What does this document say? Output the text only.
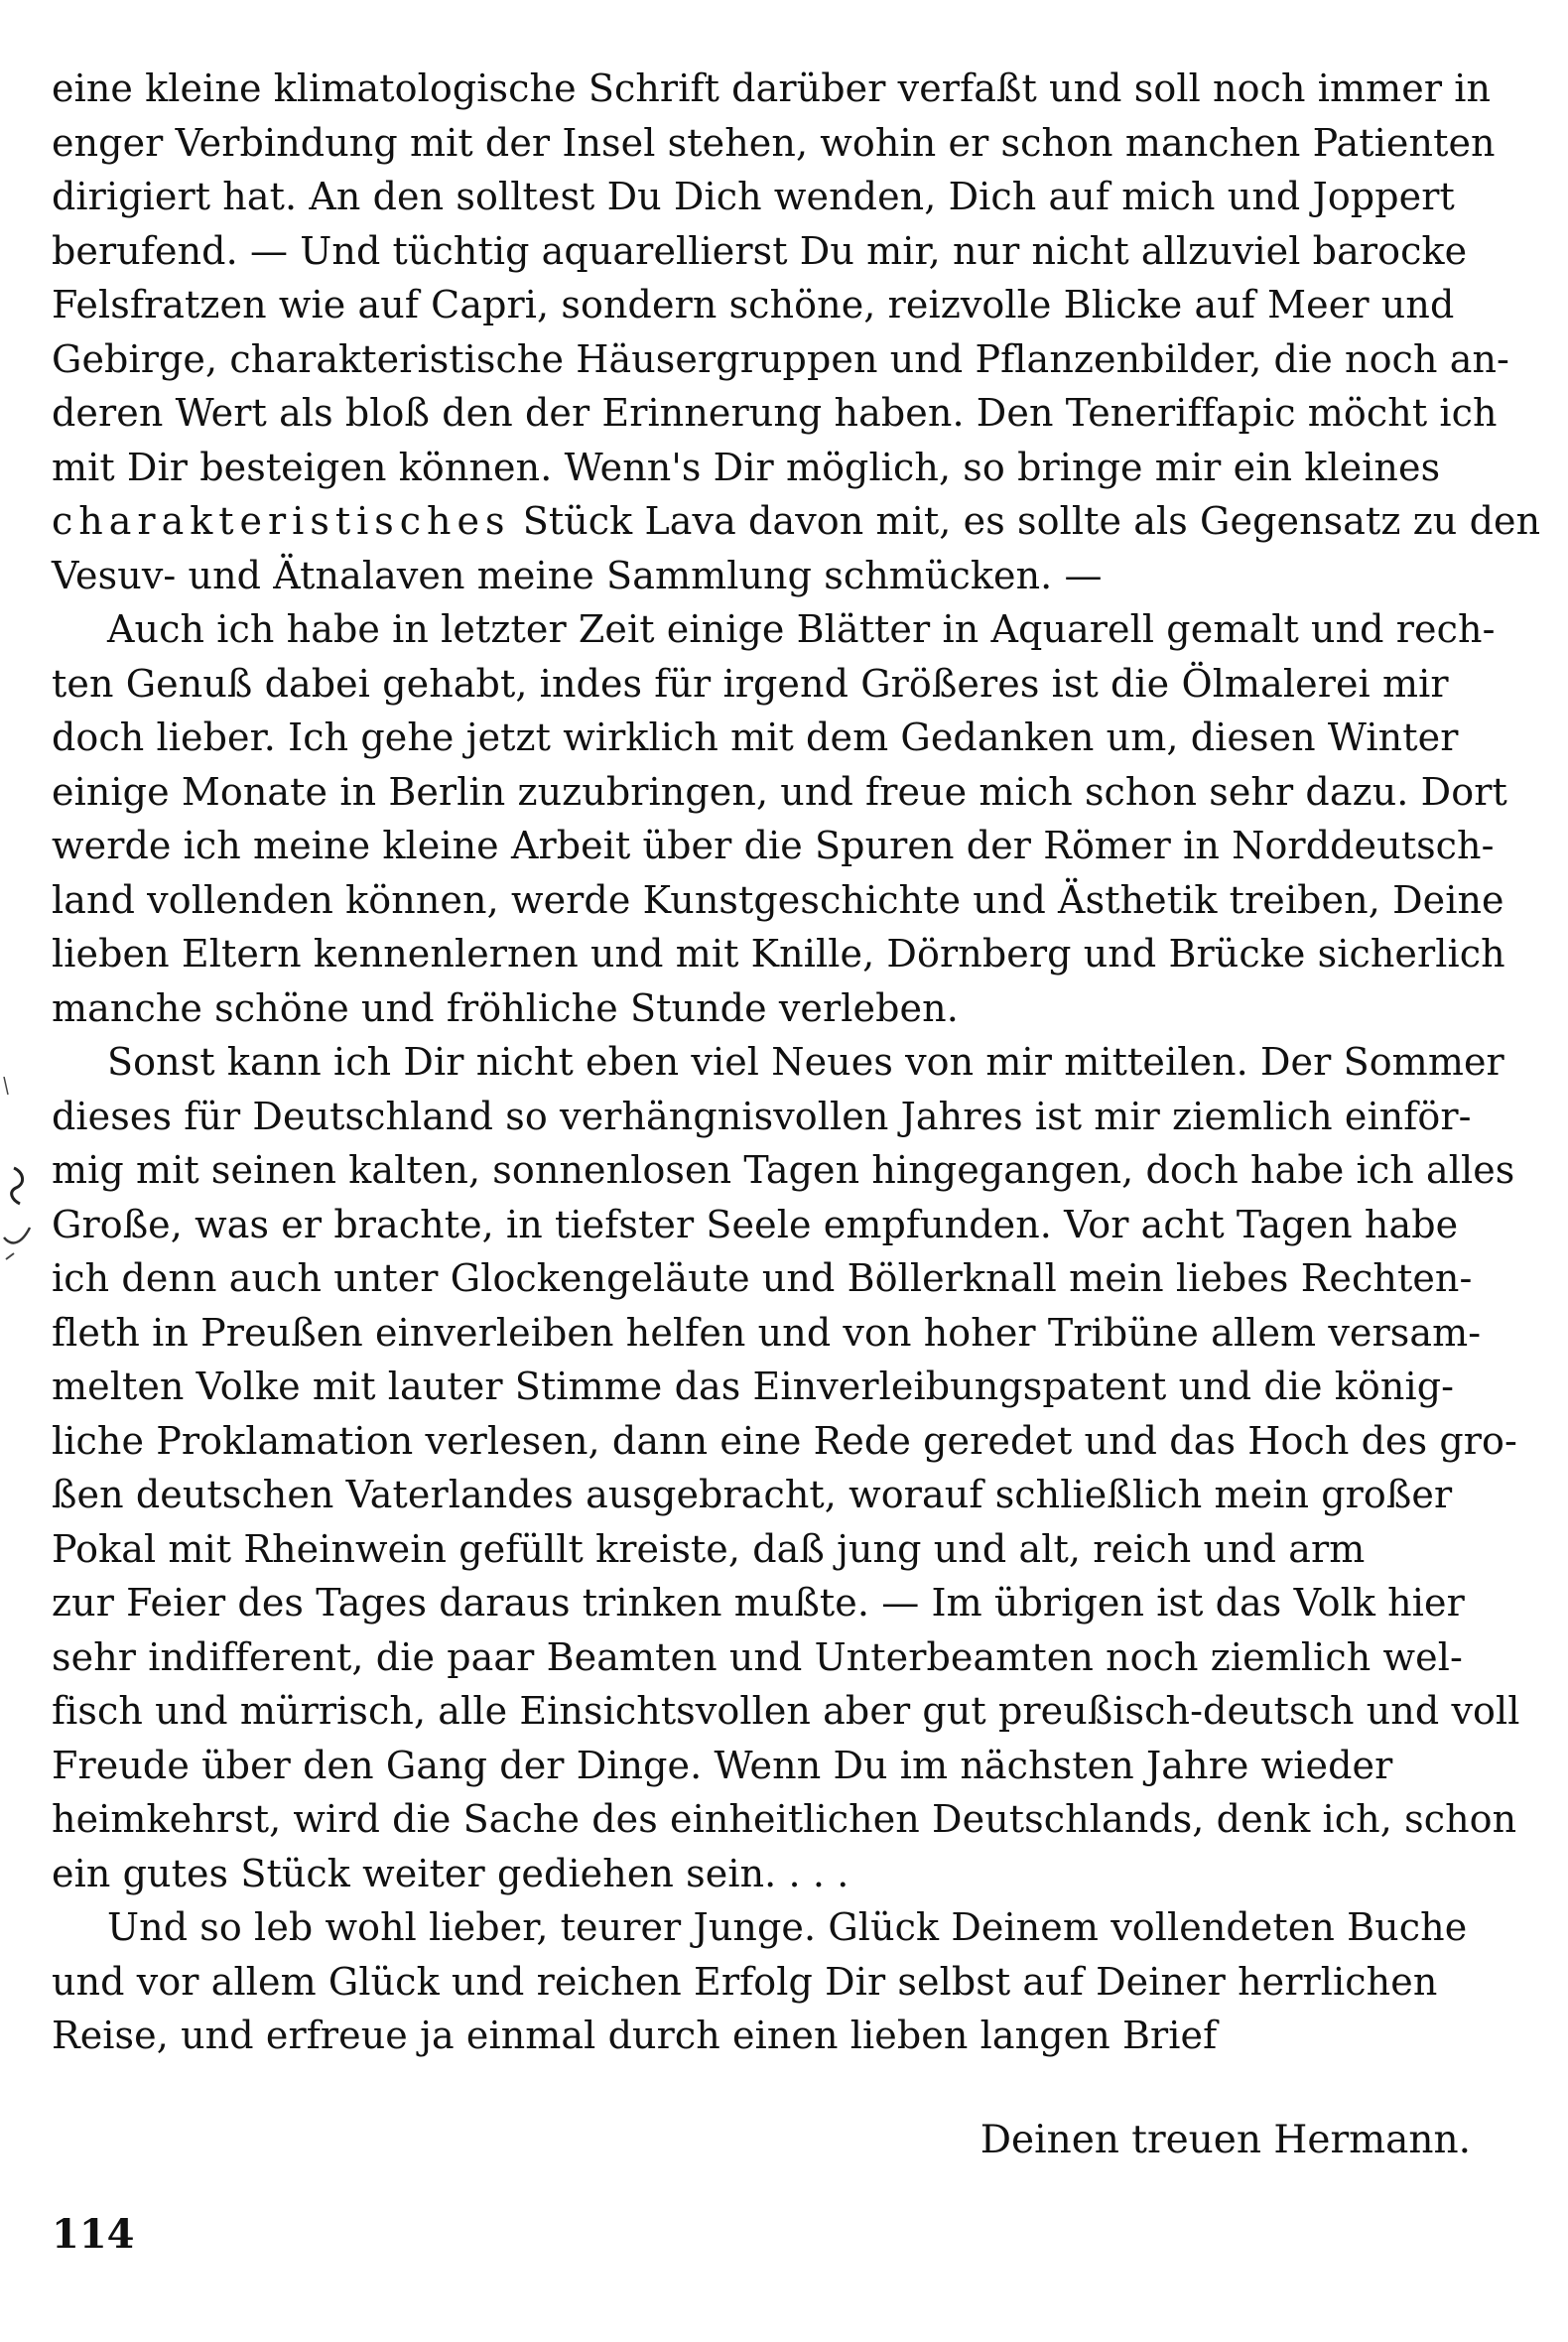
eine kleine klimatologische Schrift darüber verfaßt und soll noch immer in
enger Verbindung mit der Insel stehen, wohin er schon manchen Patienten
dirigiert hat. An den solltest Du Dich wenden, Dich auf mich und Joppert
berufend. — Und tüchtig aquarellierst Du mir, nur nicht allzuviel barocke
Felsfratzen wie auf Capri, sondern schöne, reizvolle Blicke auf Meer und
Gebirge, charakteristische Häusergruppen und Pflanzenbilder, die noch an-
deren Wert als bloß den der Erinnerung haben. Den Teneriffapic möcht ich
mit Dir besteigen können. Wenn's Dir möglich, so bringe mir ein kleines
charakteristisches Stück Lava davon mit, es sollte als Gegensatz zu den
Vesuv- und Ätnalaven meine Sammlung schmücken. —
Auch ich habe in letzter Zeit einige Blätter in Aquarell gemalt und rech-
ten Genuß dabei gehabt, indes für irgend Größeres ist die Ölmalerei mir
doch lieber. Ich gehe jetzt wirklich mit dem Gedanken um, diesen Winter
einige Monate in Berlin zuzubringen, und freue mich schon sehr dazu. Dort
werde ich meine kleine Arbeit über die Spuren der Römer in Norddeutsch-
land vollenden können, werde Kunstgeschichte und Ästhetik treiben, Deine
lieben Eltern kennenlernen und mit Knille, Dörnberg und Brücke sicherlich
manche schöne und fröhliche Stunde verleben.
Sonst kann ich Dir nicht eben viel Neues von mir mitteilen. Der Sommer
dieses für Deutschland so verhängnisvollen Jahres ist mir ziemlich einför-
mig mit seinen kalten, sonnenlosen Tagen hingegangen, doch habe ich alles
Große, was er brachte, in tiefster Seele empfunden. Vor acht Tagen habe
ich denn auch unter Glockengeläute und Böllerknall mein liebes Rechten-
fleth in Preußen einverleiben helfen und von hoher Tribüne allem versam-
melten Volke mit lauter Stimme das Einverleibungspatent und die könig-
liche Proklamation verlesen, dann eine Rede geredet und das Hoch des gro-
ßen deutschen Vaterlandes ausgebracht, worauf schließlich mein großer
Pokal mit Rheinwein gefüllt kreiste, daß jung und alt, reich und arm
zur Feier des Tages daraus trinken mußte. — Im übrigen ist das Volk hier
sehr indifferent, die paar Beamten und Unterbeamten noch ziemlich wel-
fisch und mürrisch, alle Einsichtsvollen aber gut preußisch-deutsch und voll
Freude über den Gang der Dinge. Wenn Du im nächsten Jahre wieder
heimkehrst, wird die Sache des einheitlichen Deutschlands, denk ich, schon
ein gutes Stück weiter gediehen sein. . . .
Und so leb wohl lieber, teurer Junge. Glück Deinem vollendeten Buche
und vor allem Glück und reichen Erfolg Dir selbst auf Deiner herrlichen
Reise, und erfreue ja einmal durch einen lieben langen Brief
Deinen treuen Hermann.
114
